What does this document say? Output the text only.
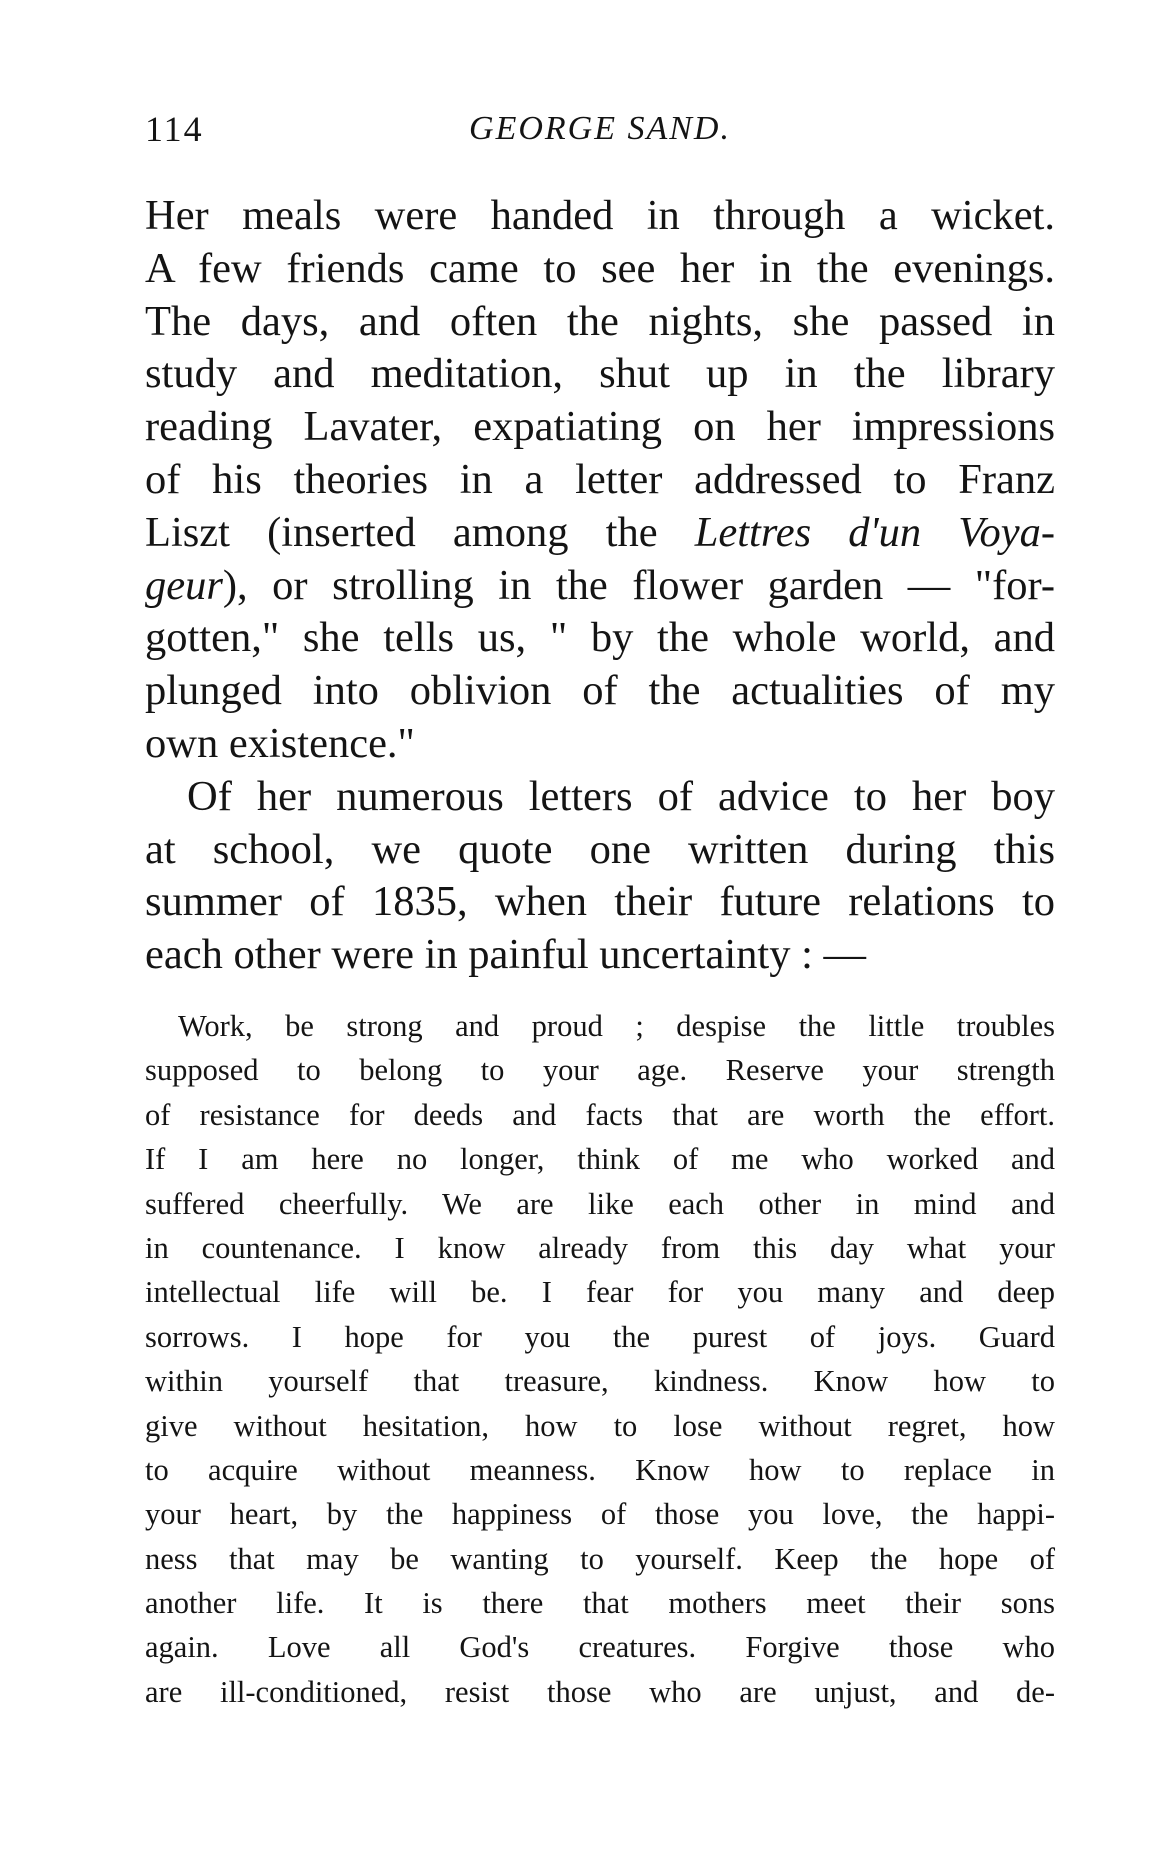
114	GEORGE SAND.
Her meals were handed in through a wicket.
A few friends came to see her in the evenings.
The days, and often the nights, she passed in
study and meditation, shut up in the library
reading Lavater, expatiating on her impressions
of his theories in a letter addressed to Franz
Liszt (inserted among the Lettres d'un Voya-
geur), or strolling in the flower garden — "for-
gotten," she tells us, " by the whole world, and
plunged into oblivion of the actualities of my
own existence."
Of her numerous letters of advice to her boy
at school, we quote one written during this
summer of 1835, when their future relations to
each other were in painful uncertainty : —
Work, be strong and proud ; despise the little troubles
supposed to belong to your age. Reserve your strength
of resistance for deeds and facts that are worth the effort.
If I am here no longer, think of me who worked and
suffered cheerfully. We are like each other in mind and
in countenance. I know already from this day what your
intellectual life will be. I fear for you many and deep
sorrows. I hope for you the purest of joys. Guard
within yourself that treasure, kindness. Know how to
give without hesitation, how to lose without regret, how
to acquire without meanness. Know how to replace in
your heart, by the happiness of those you love, the happi-
ness that may be wanting to yourself. Keep the hope of
another life. It is there that mothers meet their sons
again. Love all God's creatures. Forgive those who
are ill-conditioned, resist those who are unjust, and de-
